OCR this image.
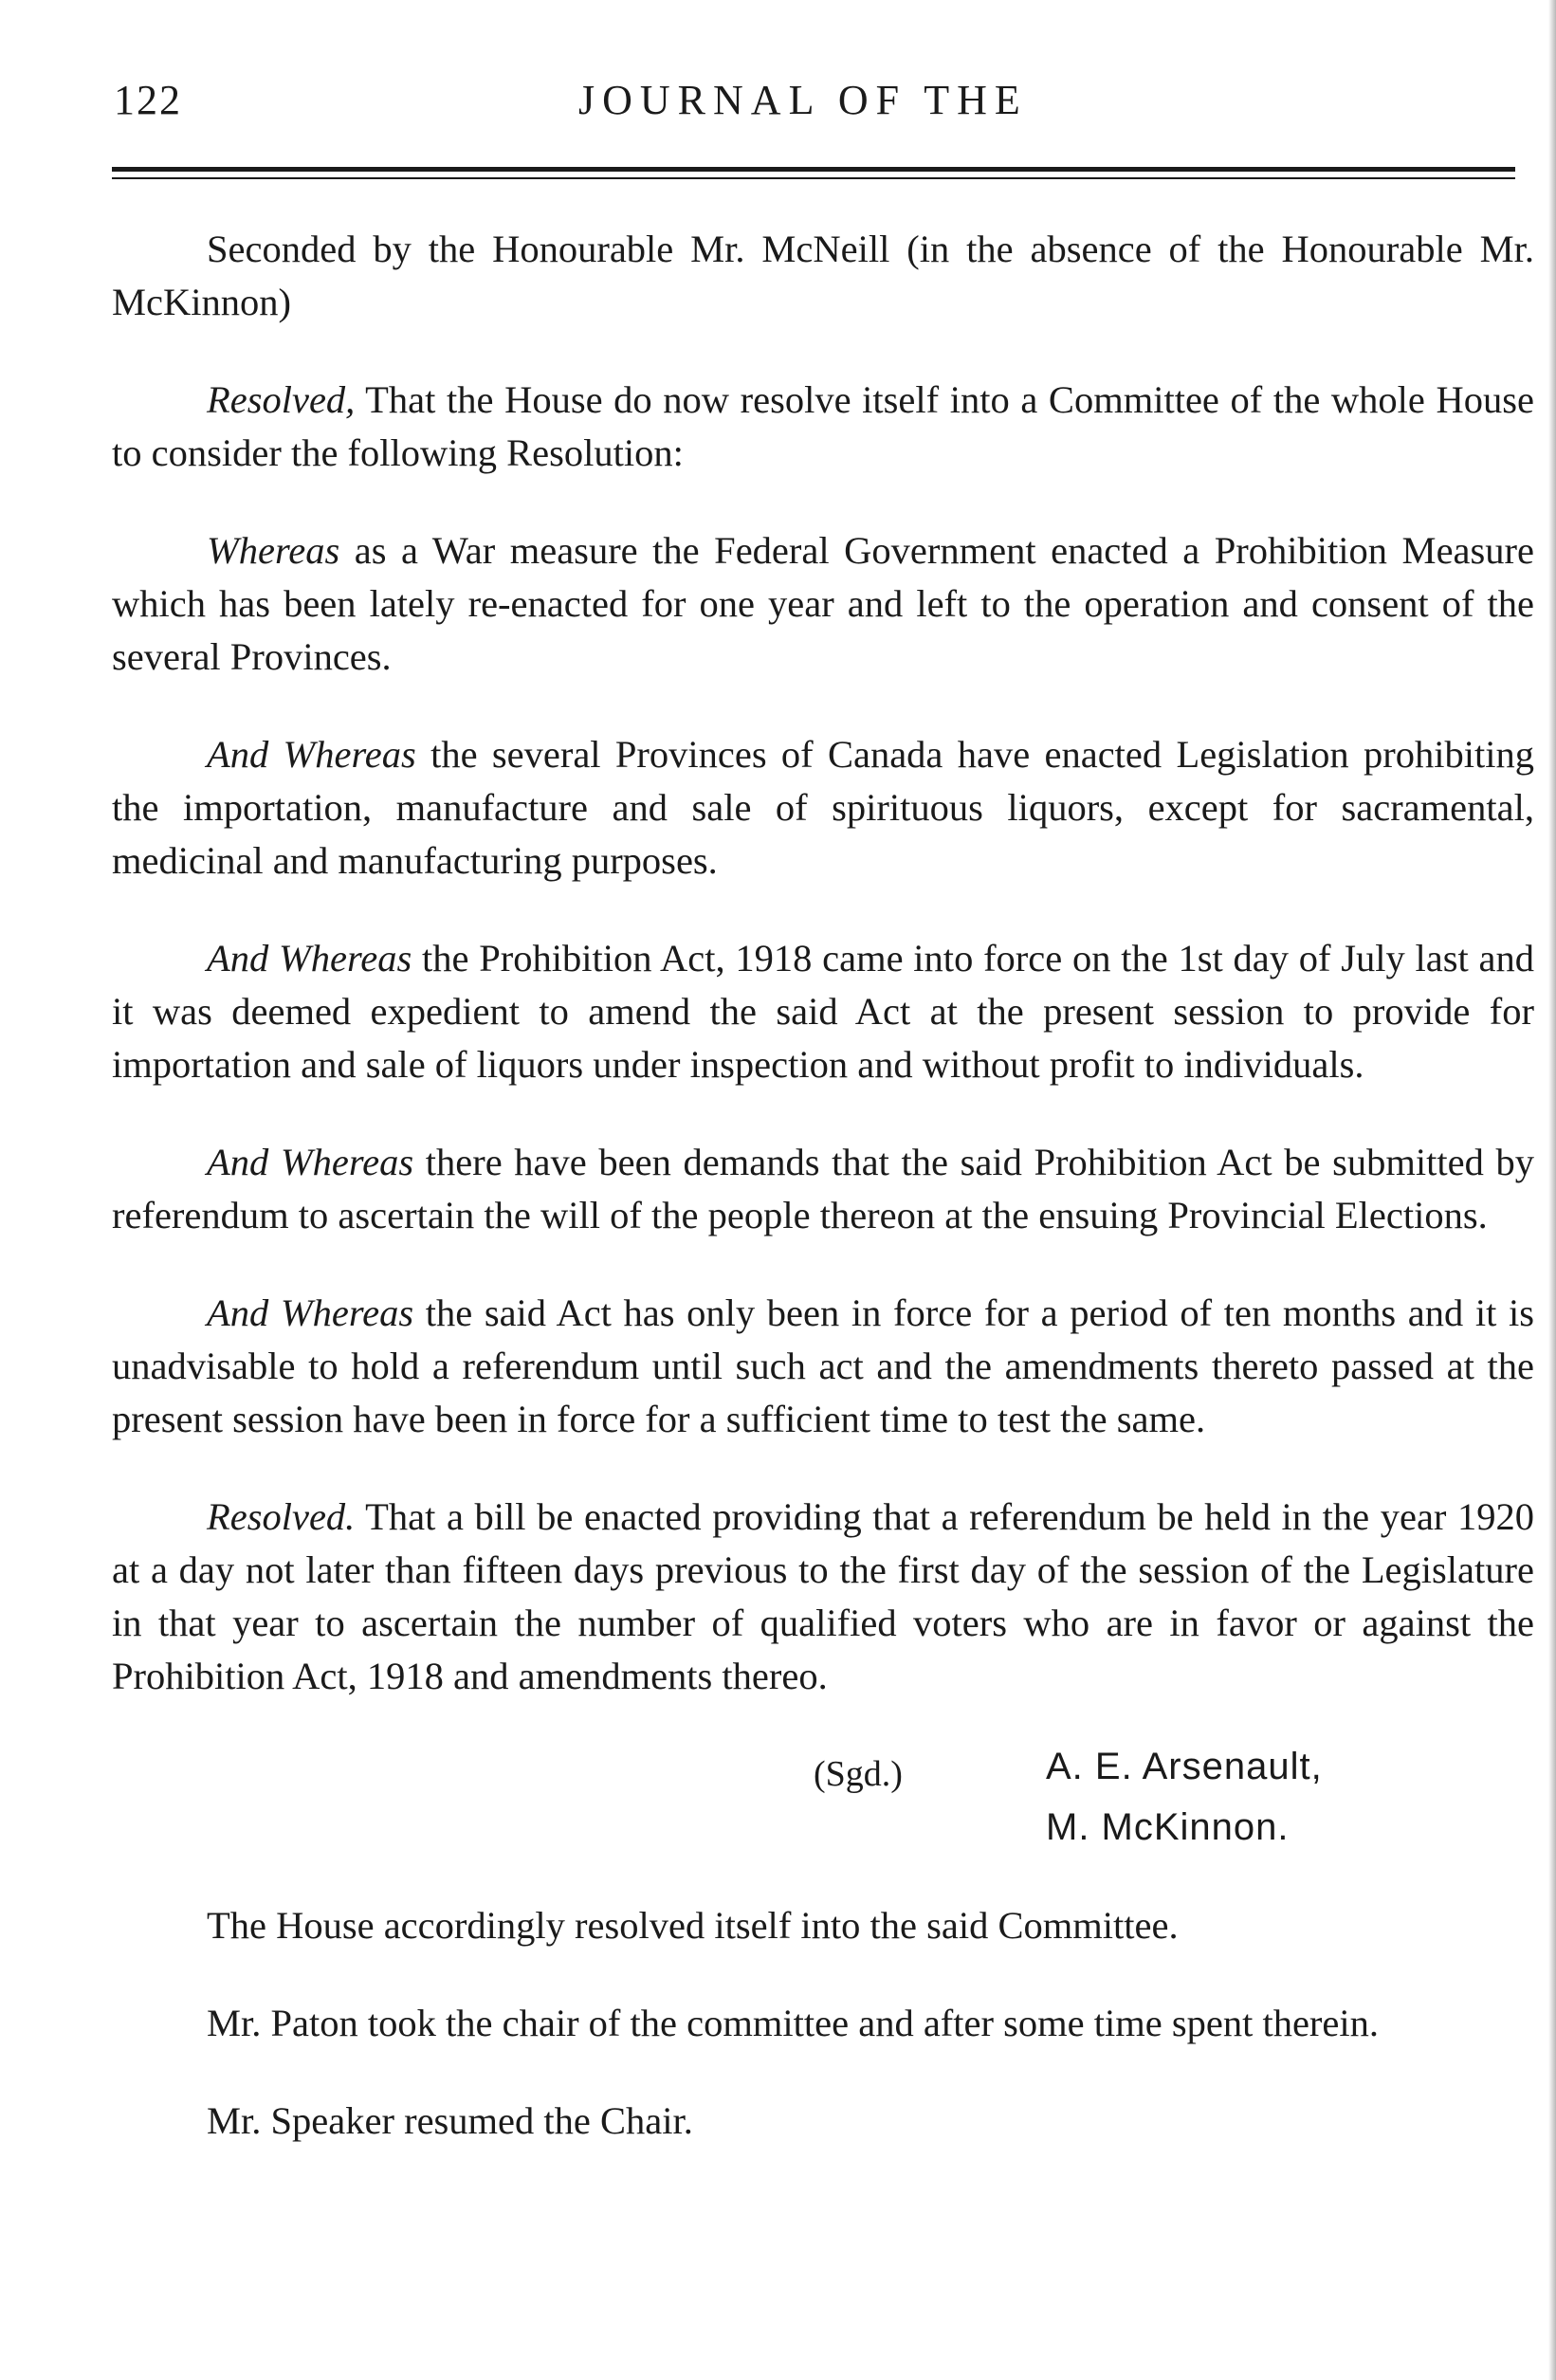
122	JOURNAL OF THE

Seconded by the Honourable Mr. McNeill (in the absence of the Honourable Mr. McKinnon)

Resolved, That the House do now resolve itself into a Committee of the whole House to consider the following Resolution:

Whereas as a War measure the Federal Government enacted a Prohibition Measure which has been lately re-enacted for one year and left to the operation and consent of the several Provinces.

And Whereas the several Provinces of Canada have enacted Legislation prohibiting the importation, manufacture and sale of spirituous liquors, except for sacramental, medicinal and manufacturing purposes.

And Whereas the Prohibition Act, 1918 came into force on the 1st day of July last and it was deemed expedient to amend the said Act at the present session to provide for importation and sale of liquors under inspection and without profit to individuals.

And Whereas there have been demands that the said Prohibition Act be submitted by referendum to ascertain the will of the people thereon at the ensuing Provincial Elections.

And Whereas the said Act has only been in force for a period of ten months and it is unadvisable to hold a referendum until such act and the amendments thereto passed at the present session have been in force for a sufficient time to test the same.

Resolved. That a bill be enacted providing that a referendum be held in the year 1920 at a day not later than fifteen days previous to the first day of the session of the Legislature in that year to ascertain the number of qualified voters who are in favor or against the Prohibition Act, 1918 and amendments thereo.

(Sgd.)	A. E. Arsenault,
M. McKinnon.

The House accordingly resolved itself into the said Committee.

Mr. Paton took the chair of the committee and after some time spent therein.

Mr. Speaker resumed the Chair.
